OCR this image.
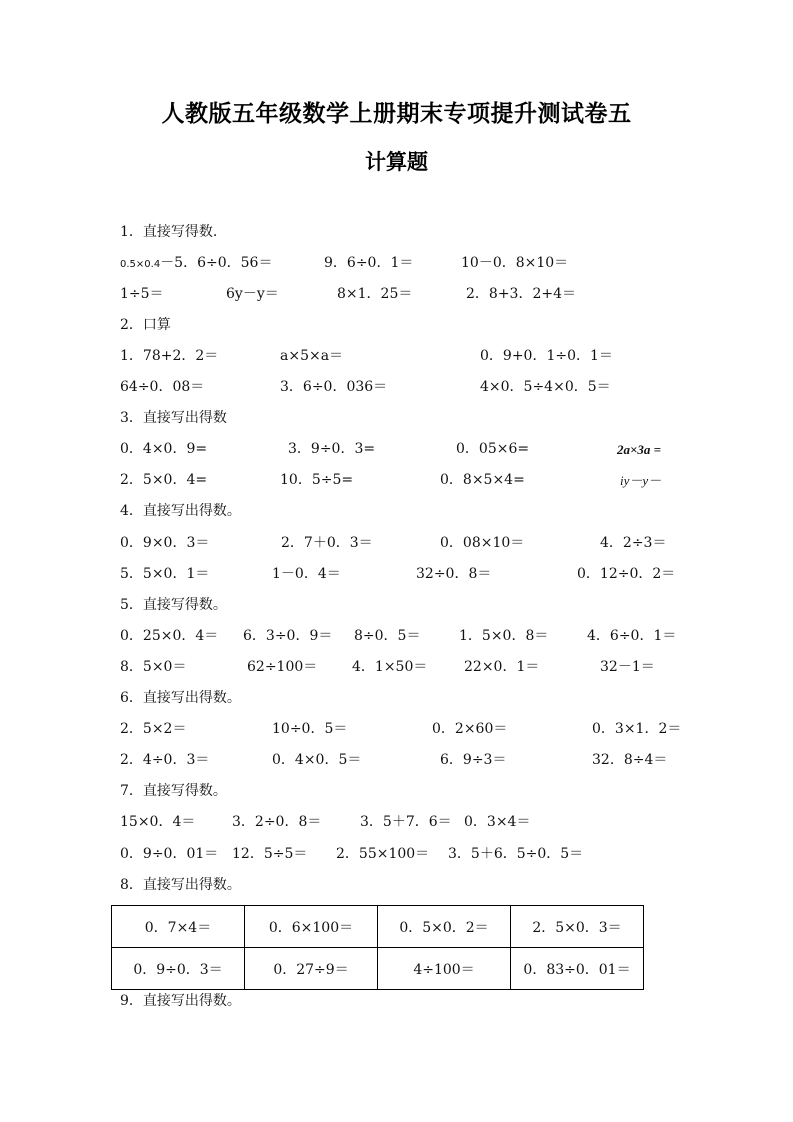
人教版五年级数学上册期末专项提升测试卷五
计算题
1．直接写得数.
0.5×0.4－5．6÷0．56＝	9．6÷0．1＝	10－0．8×10＝
1÷5＝	6y－y＝	8×1．25＝	2．8+3．2+4＝
2．口算
1．78+2．2＝	a×5×a＝	0．9+0．1÷0．1＝
64÷0．08＝	3．6÷0．036＝	4×0．5÷4×0．5＝
3．直接写出得数
0．4×0．9=	3．9÷0．3=	0．05×6=	2a×3a =
2．5×0．4=	10．5÷5=	0．8×5×4=	iy－y－
4．直接写出得数。
0．9×0．3＝	2．7＋0．3＝	0．08×10＝	4．2÷3＝
5．5×0．1＝	1－0．4＝	32÷0．8＝	0．12÷0．2＝
5．直接写得数。
0．25×0．4＝ 6．3÷0．9＝ 8÷0．5＝	1．5×0．8＝	4．6÷0．1＝
8．5×0＝	62÷100＝ 4．1×50＝	22×0．1＝	32－1＝
6．直接写出得数。
2．5×2＝	10÷0．5＝	0．2×60＝	0．3×1．2＝
2．4÷0．3＝	0．4×0．5＝	6．9÷3＝	32．8÷4＝
7．直接写得数。
15×0．4＝	3．2÷0．8＝	3．5＋7．6＝ 0．3×4＝
0．9÷0．01＝ 12．5÷5＝ 2．55×100＝ 3．5＋6．5÷0．5＝
8．直接写出得数。
0．7×4＝	0．6×100＝	0．5×0．2＝	2．5×0．3＝
0．9÷0．3＝	0．27÷9＝	4÷100＝	0．83÷0．01＝
9．直接写出得数。
